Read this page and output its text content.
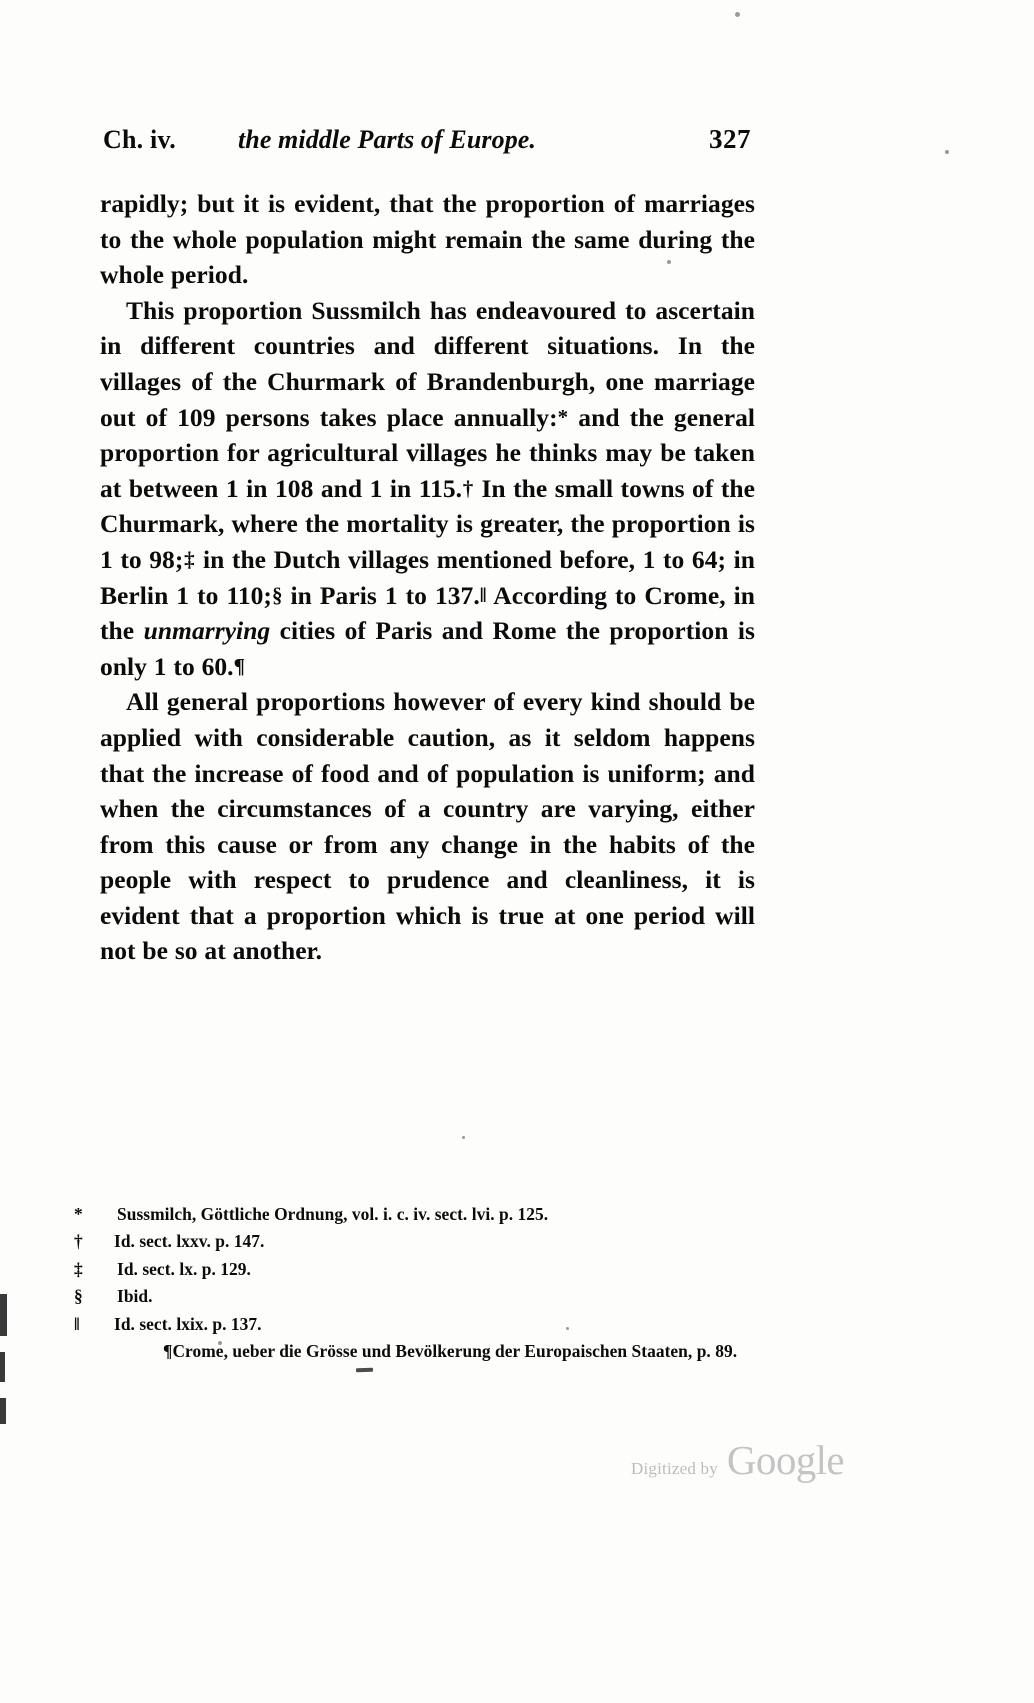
Ch. iv. the middle Parts of Europe.	327

rapidly; but it is evident, that the proportion of marriages to the whole population might remain the same during the whole period.

This proportion Sussmilch has endeavoured to ascertain in different countries and different situations. In the villages of the Churmark of Brandenburgh, one marriage out of 109 persons takes place annually:* and the general proportion for agricultural villages he thinks may be taken at between 1 in 108 and 1 in 115.† In the small towns of the Churmark, where the mortality is greater, the proportion is 1 to 98;‡ in the Dutch villages mentioned before, 1 to 64; in Berlin 1 to 110;§ in Paris 1 to 137.‖ According to Crome, in the unmarrying cities of Paris and Rome the proportion is only 1 to 60.¶

All general proportions however of every kind should be applied with considerable caution, as it seldom happens that the increase of food and of population is uniform; and when the circumstances of a country are varying, either from this cause or from any change in the habits of the people with respect to prudence and cleanliness, it is evident that a proportion which is true at one period will not be so at another.

* Sussmilch, Göttliche Ordnung, vol. i. c. iv. sect. lvi. p. 125.

† Id. sect. lxxv. p. 147.

‡ Id. sect. lx. p. 129.

§ Ibid.

‖ Id. sect. lxix. p. 137.

¶Crome, ueber die Grösse und Bevölkerung der Europaischen Staaten, p. 89.

Digitized by Google
